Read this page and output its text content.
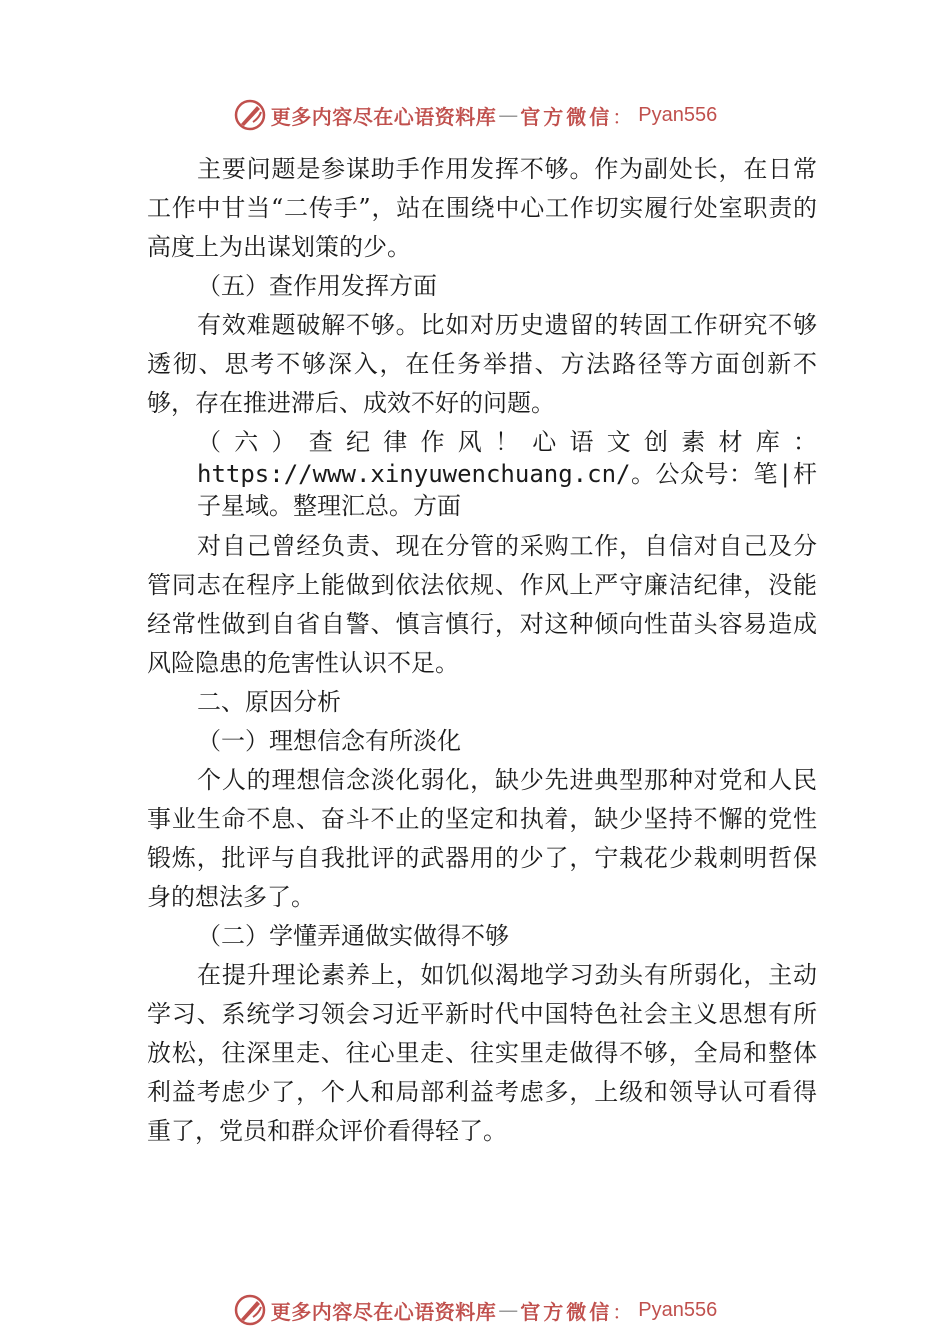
更多内容尽在心语资料库 — 官方微信 ： Pyan556

主要问题是参谋助手作用发挥不够。作为副处长，在日常工作中甘当“二传手”，站在围绕中心工作切实履行处室职责的高度上为出谋划策的少。

（五）查作用发挥方面

有效难题破解不够。比如对历史遗留的转固工作研究不够透彻、思考不够深入，在任务举措、方法路径等方面创新不够，存在推进滞后、成效不好的问题。

（六）查纪律作风！心语文创素材库：https://www.xinyuwenchuang.cn/。公众号：笔|杆子星域。整理汇总。方面

对自己曾经负责、现在分管的采购工作，自信对自己及分管同志在程序上能做到依法依规、作风上严守廉洁纪律，没能经常性做到自省自警、慎言慎行，对这种倾向性苗头容易造成风险隐患的危害性认识不足。

二、原因分析

（一）理想信念有所淡化

个人的理想信念淡化弱化，缺少先进典型那种对党和人民事业生命不息、奋斗不止的坚定和执着，缺少坚持不懈的党性锻炼，批评与自我批评的武器用的少了，宁栽花少栽刺明哲保身的想法多了。

（二）学懂弄通做实做得不够

在提升理论素养上，如饥似渴地学习劲头有所弱化，主动学习、系统学习领会习近平新时代中国特色社会主义思想有所放松，往深里走、往心里走、往实里走做得不够，全局和整体利益考虑少了，个人和局部利益考虑多，上级和领导认可看得重了，党员和群众评价看得轻了。

更多内容尽在心语资料库 — 官方微信 ： Pyan556
